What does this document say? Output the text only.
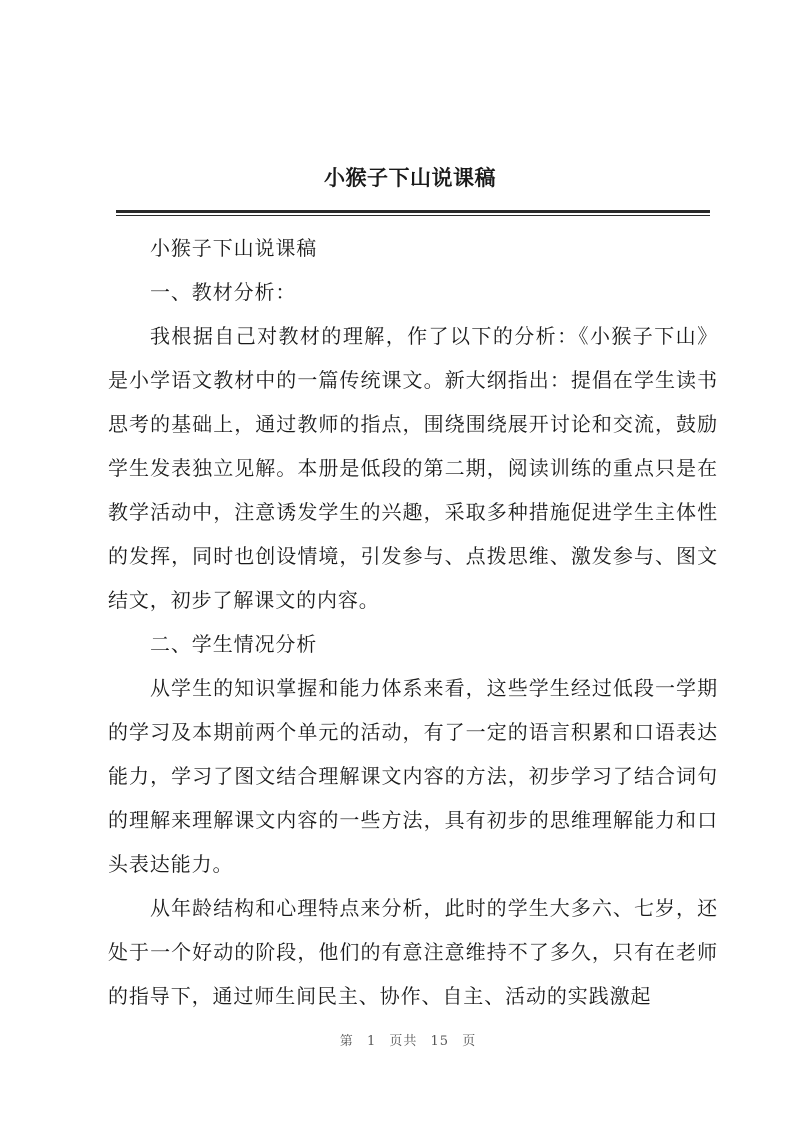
小猴子下山说课稿

小猴子下山说课稿

一、教材分析：

我根据自己对教材的理解，作了以下的分析：《小猴子下山》是小学语文教材中的一篇传统课文。新大纲指出：提倡在学生读书思考的基础上，通过教师的指点，围绕围绕展开讨论和交流，鼓励学生发表独立见解。本册是低段的第二期，阅读训练的重点只是在教学活动中，注意诱发学生的兴趣，采取多种措施促进学生主体性的发挥，同时也创设情境，引发参与、点拨思维、激发参与、图文结文，初步了解课文的内容。

二、学生情况分析

从学生的知识掌握和能力体系来看，这些学生经过低段一学期的学习及本期前两个单元的活动，有了一定的语言积累和口语表达能力，学习了图文结合理解课文内容的方法，初步学习了结合词句的理解来理解课文内容的一些方法，具有初步的思维理解能力和口头表达能力。

从年龄结构和心理特点来分析，此时的学生大多六、七岁，还处于一个好动的阶段，他们的有意注意维持不了多久，只有在老师的指导下，通过师生间民主、协作、自主、活动的实践激起

第 1 页共 15 页
